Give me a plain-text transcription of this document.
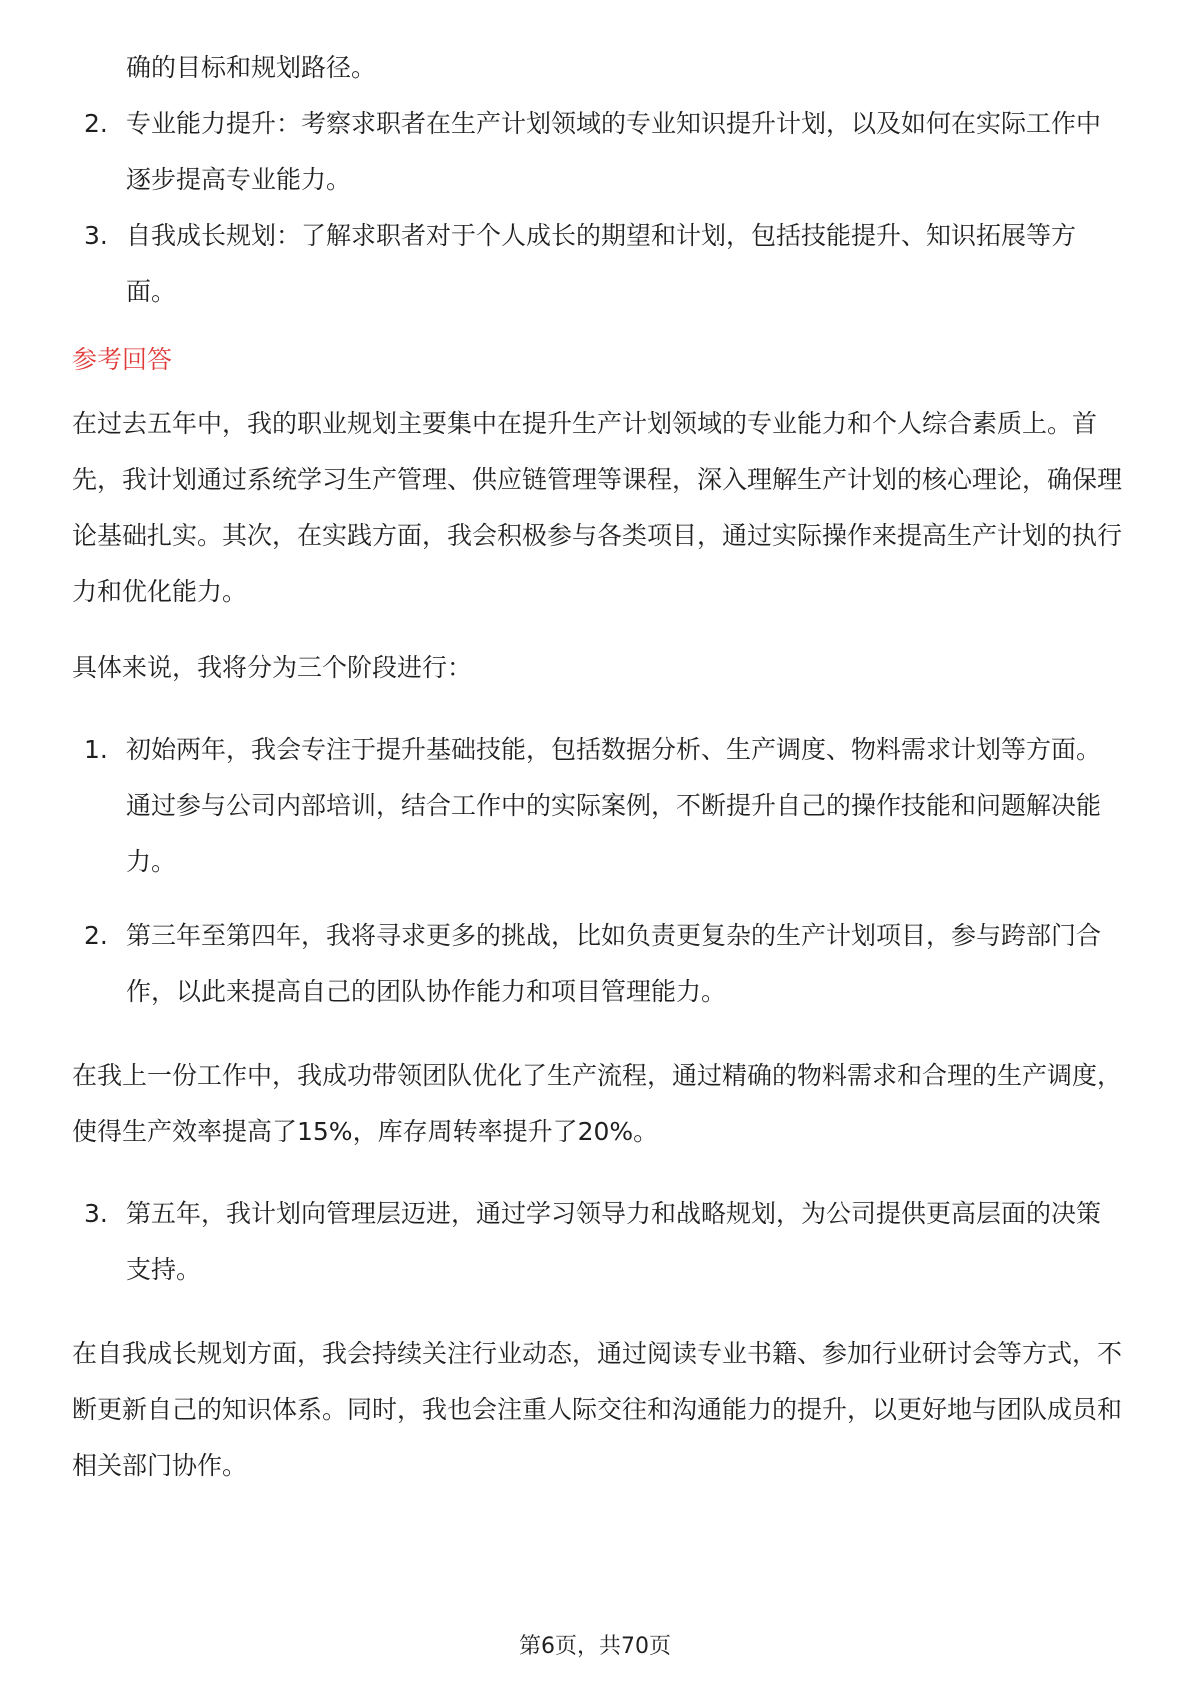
确的目标和规划路径。
2. 专业能力提升：考察求职者在生产计划领域的专业知识提升计划，以及如何在实际工作中逐步提高专业能力。
3. 自我成长规划：了解求职者对于个人成长的期望和计划，包括技能提升、知识拓展等方面。
参考回答

在过去五年中，我的职业规划主要集中在提升生产计划领域的专业能力和个人综合素质上。首先，我计划通过系统学习生产管理、供应链管理等课程，深入理解生产计划的核心理论，确保理论基础扎实。其次，在实践方面，我会积极参与各类项目，通过实际操作来提高生产计划的执行力和优化能力。

具体来说，我将分为三个阶段进行：

1. 初始两年，我会专注于提升基础技能，包括数据分析、生产调度、物料需求计划等方面。通过参与公司内部培训，结合工作中的实际案例，不断提升自己的操作技能和问题解决能力。
2. 第三年至第四年，我将寻求更多的挑战，比如负责更复杂的生产计划项目，参与跨部门合作，以此来提高自己的团队协作能力和项目管理能力。

在我上一份工作中，我成功带领团队优化了生产流程，通过精确的物料需求和合理的生产调度，使得生产效率提高了15%，库存周转率提升了20%。

3. 第五年，我计划向管理层迈进，通过学习领导力和战略规划，为公司提供更高层面的决策支持。

在自我成长规划方面，我会持续关注行业动态，通过阅读专业书籍、参加行业研讨会等方式，不断更新自己的知识体系。同时，我也会注重人际交往和沟通能力的提升，以更好地与团队成员和相关部门协作。

第6页，共70页
